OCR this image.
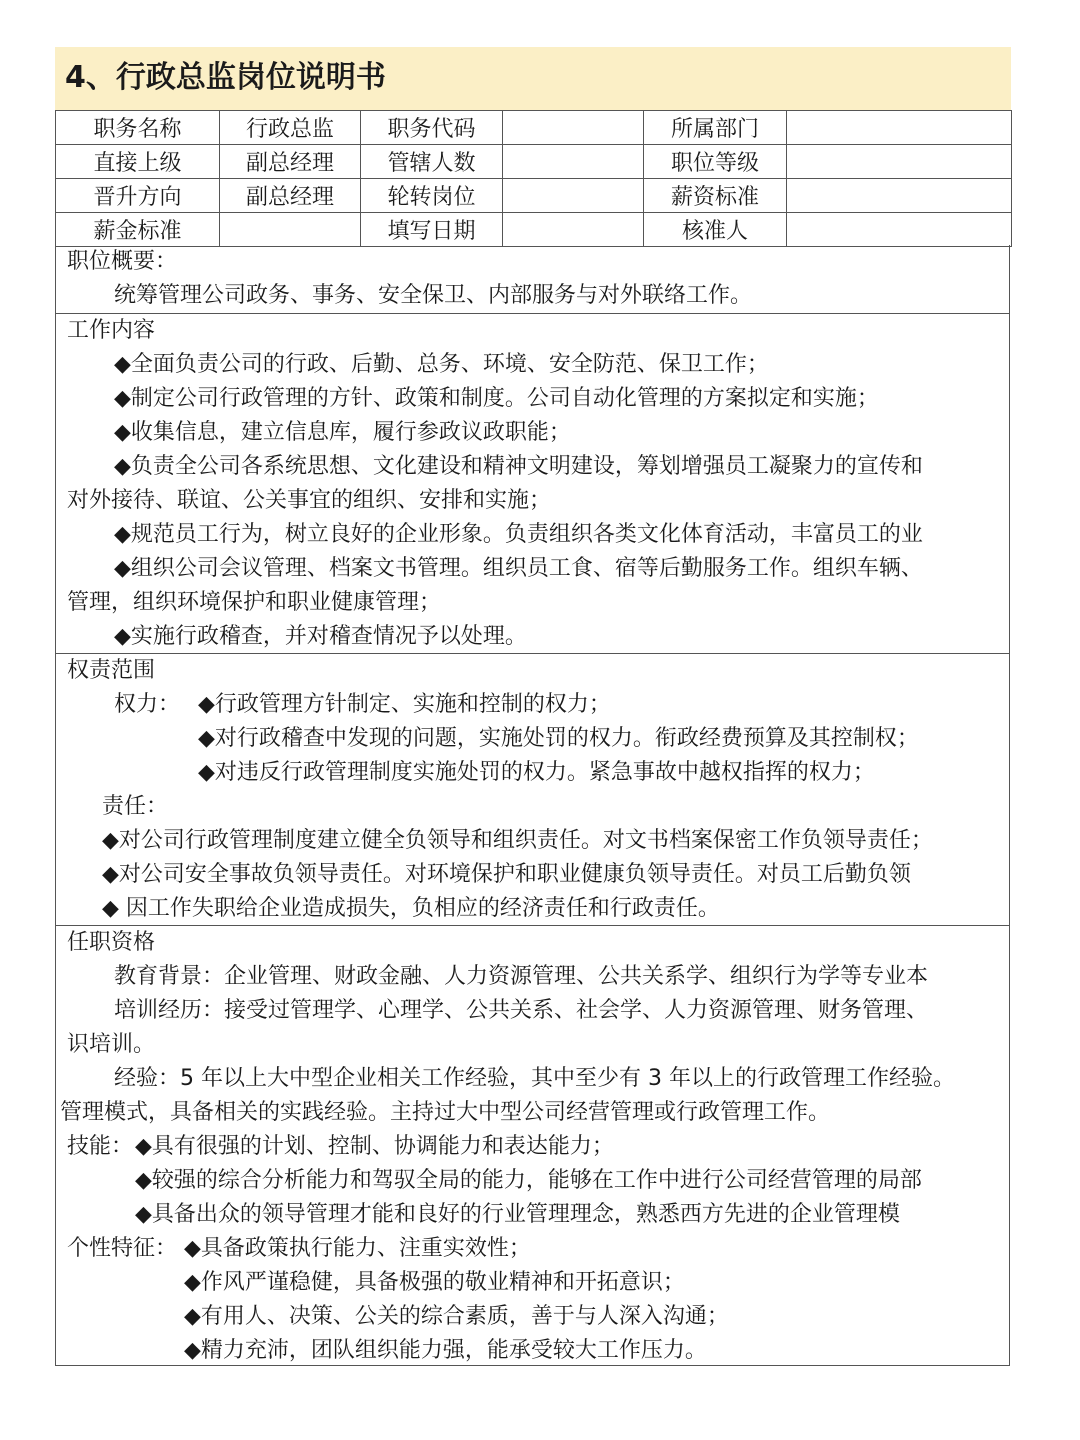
4、行政总监岗位说明书
职务名称	行政总监	职务代码		所属部门	
直接上级	副总经理	管辖人数		职位等级	
晋升方向	副总经理	轮转岗位		薪资标准	
薪金标准		填写日期		核准人	
职位概要：
统筹管理公司政务、事务、安全保卫、内部服务与对外联络工作。
工作内容
◆全面负责公司的行政、后勤、总务、环境、安全防范、保卫工作；
◆制定公司行政管理的方针、政策和制度。公司自动化管理的方案拟定和实施；
◆收集信息，建立信息库，履行参政议政职能；
◆负责全公司各系统思想、文化建设和精神文明建设，筹划增强员工凝聚力的宣传和
对外接待、联谊、公关事宜的组织、安排和实施；
◆规范员工行为，树立良好的企业形象。负责组织各类文化体育活动，丰富员工的业
◆组织公司会议管理、档案文书管理。组织员工食、宿等后勤服务工作。组织车辆、
管理，组织环境保护和职业健康管理；
◆实施行政稽查，并对稽查情况予以处理。
权责范围
权力： ◆行政管理方针制定、实施和控制的权力；
◆对行政稽查中发现的问题，实施处罚的权力。衔政经费预算及其控制权；
◆对违反行政管理制度实施处罚的权力。紧急事故中越权指挥的权力；
责任：
◆对公司行政管理制度建立健全负领导和组织责任。对文书档案保密工作负领导责任；
◆对公司安全事故负领导责任。对环境保护和职业健康负领导责任。对员工后勤负领
◆ 因工作失职给企业造成损失，负相应的经济责任和行政责任。
任职资格
教育背景：企业管理、财政金融、人力资源管理、公共关系学、组织行为学等专业本
培训经历：接受过管理学、心理学、公共关系、社会学、人力资源管理、财务管理、
识培训。
经验：5 年以上大中型企业相关工作经验，其中至少有 3 年以上的行政管理工作经验。
管理模式，具备相关的实践经验。主持过大中型公司经营管理或行政管理工作。
技能： ◆具有很强的计划、控制、协调能力和表达能力；
◆较强的综合分析能力和驾驭全局的能力，能够在工作中进行公司经营管理的局部
◆具备出众的领导管理才能和良好的行业管理理念，熟悉西方先进的企业管理模
个性特征： ◆具备政策执行能力、注重实效性；
◆作风严谨稳健，具备极强的敬业精神和开拓意识；
◆有用人、决策、公关的综合素质，善于与人深入沟通；
◆精力充沛，团队组织能力强，能承受较大工作压力。
